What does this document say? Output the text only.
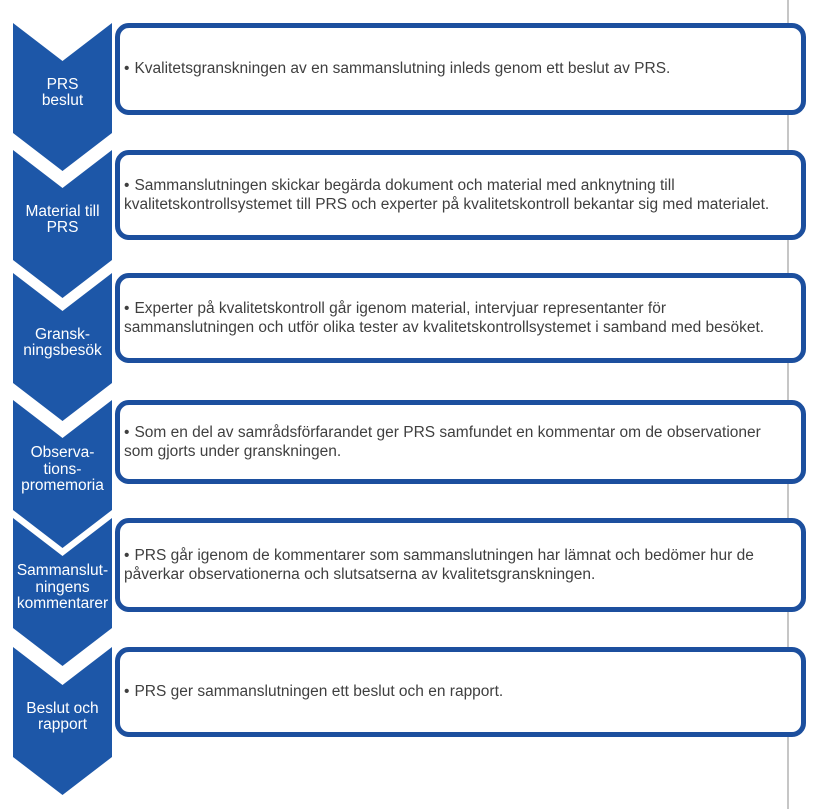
PRS
beslut
• Kvalitetsgranskningen av en sammanslutning inleds genom ett beslut av PRS.
Material till
PRS
• Sammanslutningen skickar begärda dokument och material med anknytning till kvalitetskontrollsystemet till PRS och experter på kvalitetskontroll bekantar sig med materialet.
Gransk-
ningsbesök
• Experter på kvalitetskontroll går igenom material, intervjuar representanter för sammanslutningen och utför olika tester av kvalitetskontrollsystemet i samband med besöket.
Observa-
tions-
promemoria
• Som en del av samrådsförfarandet ger PRS samfundet en kommentar om de observationer som gjorts under granskningen.
Sammanslut-
ningens
kommentarer
• PRS går igenom de kommentarer som sammanslutningen har lämnat och bedömer hur de påverkar observationerna och slutsatserna av kvalitetsgranskningen.
Beslut och
rapport
• PRS ger sammanslutningen ett beslut och en rapport.
